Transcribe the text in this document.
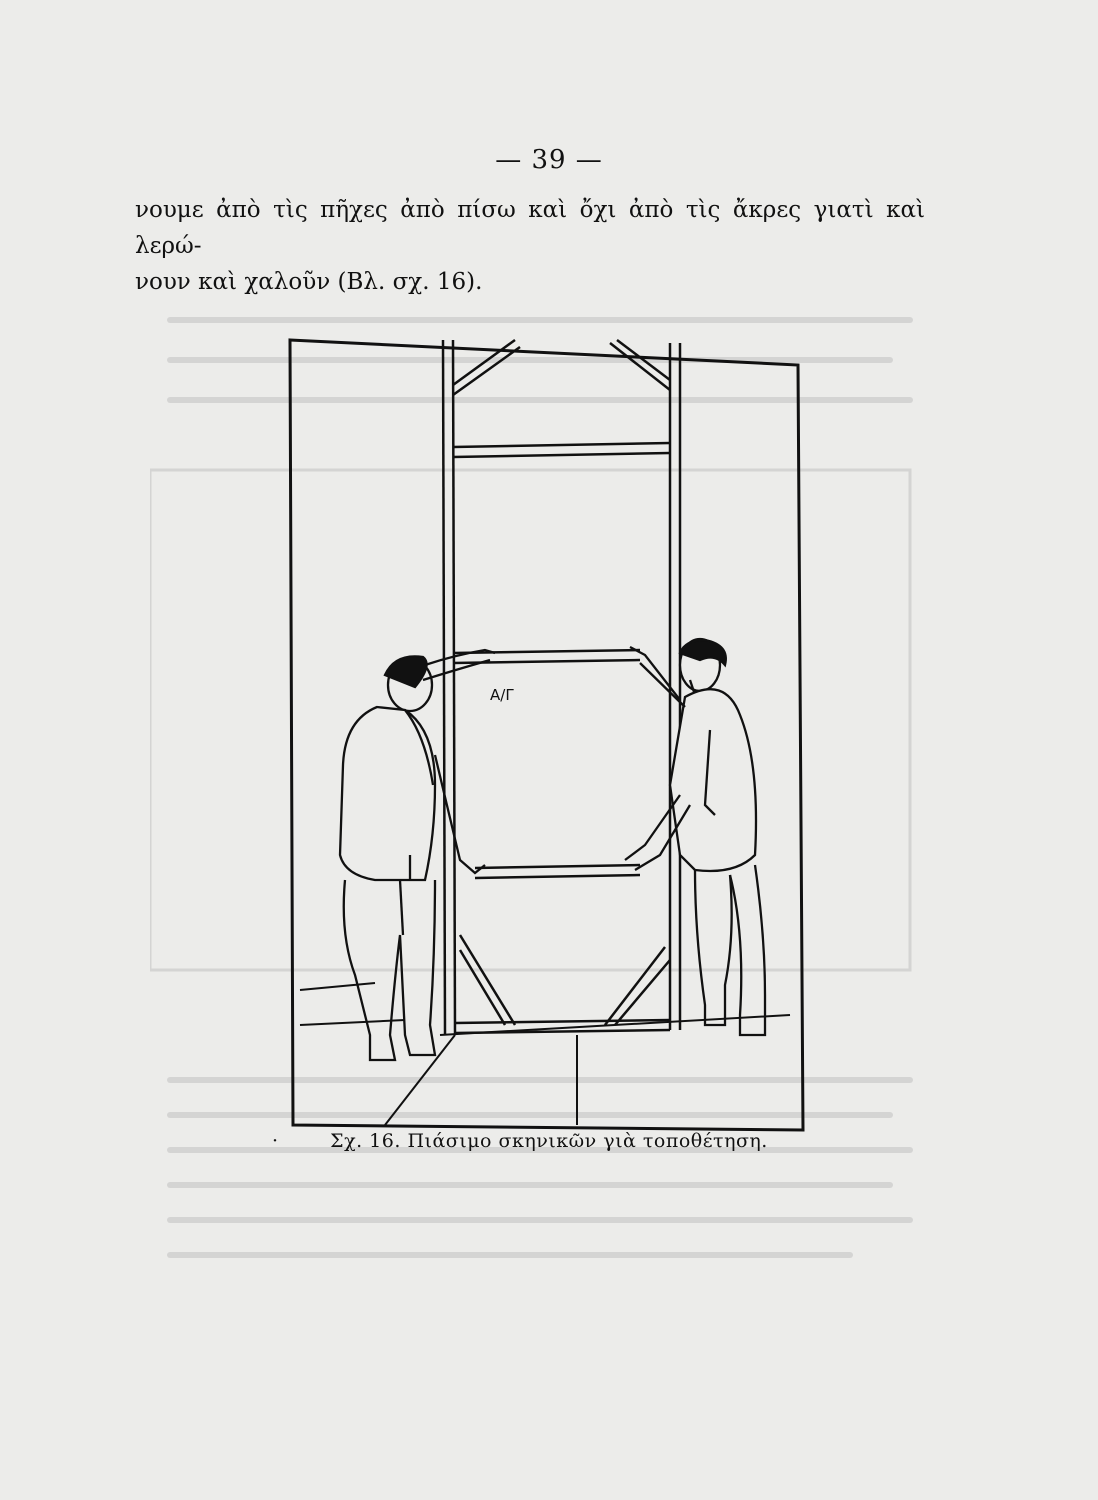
— 39 —
νουμε ἀπὸ τὶς πῆχες ἀπὸ πίσω καὶ ὄχι ἀπὸ τὶς ἄκρες γιατὶ καὶ λερώ-
νουν καὶ χαλοῦν (Βλ. σχ. 16).
Α/Γ
·	Σχ. 16. Πιάσιμο σκηνικῶν γιὰ τοποθέτηση.
